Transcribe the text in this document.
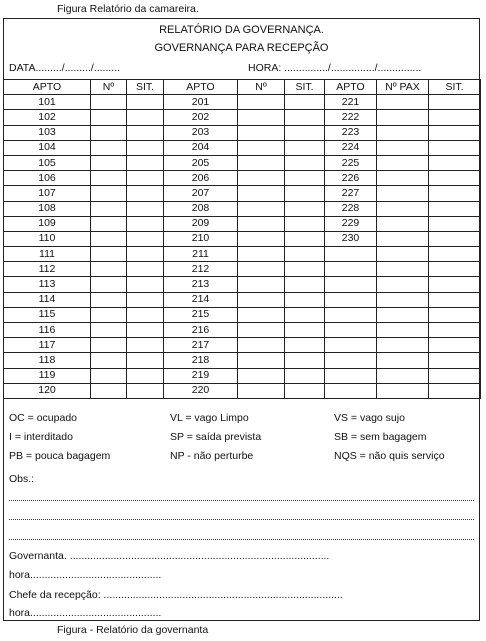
Figura Relatório da camareira.
RELATÓRIO DA GOVERNANÇA.
GOVERNANÇA PARA RECEPÇÃO
DATA........./........./.........	HORA: .............../.............../...............
APTO	Nº	SIT.	APTO	Nº	SIT.	APTO	Nº PAX	SIT.
101			201			221		
102			202			222		
103			203			223		
104			204			224		
105			205			225		
106			206			226		
107			207			227		
108			208			228		
109			209			229		
110			210			230		
111			211					
112			212					
113			213					
114			214					
115			215					
116			216					
117			217					
118			218					
119			219					
120			220					
OC = ocupado	VL = vago Limpo	VS = vago sujo
I = interditado	SP = saída prevista	SB = sem bagagem
PB = pouca bagagem	NP - não perturbe	NQS = não quis serviço
Obs.:
Governanta. .........................................................................................
hora.............................................
Chefe da recepção: ..................................................................................
hora.............................................
Figura - Relatório da governanta
